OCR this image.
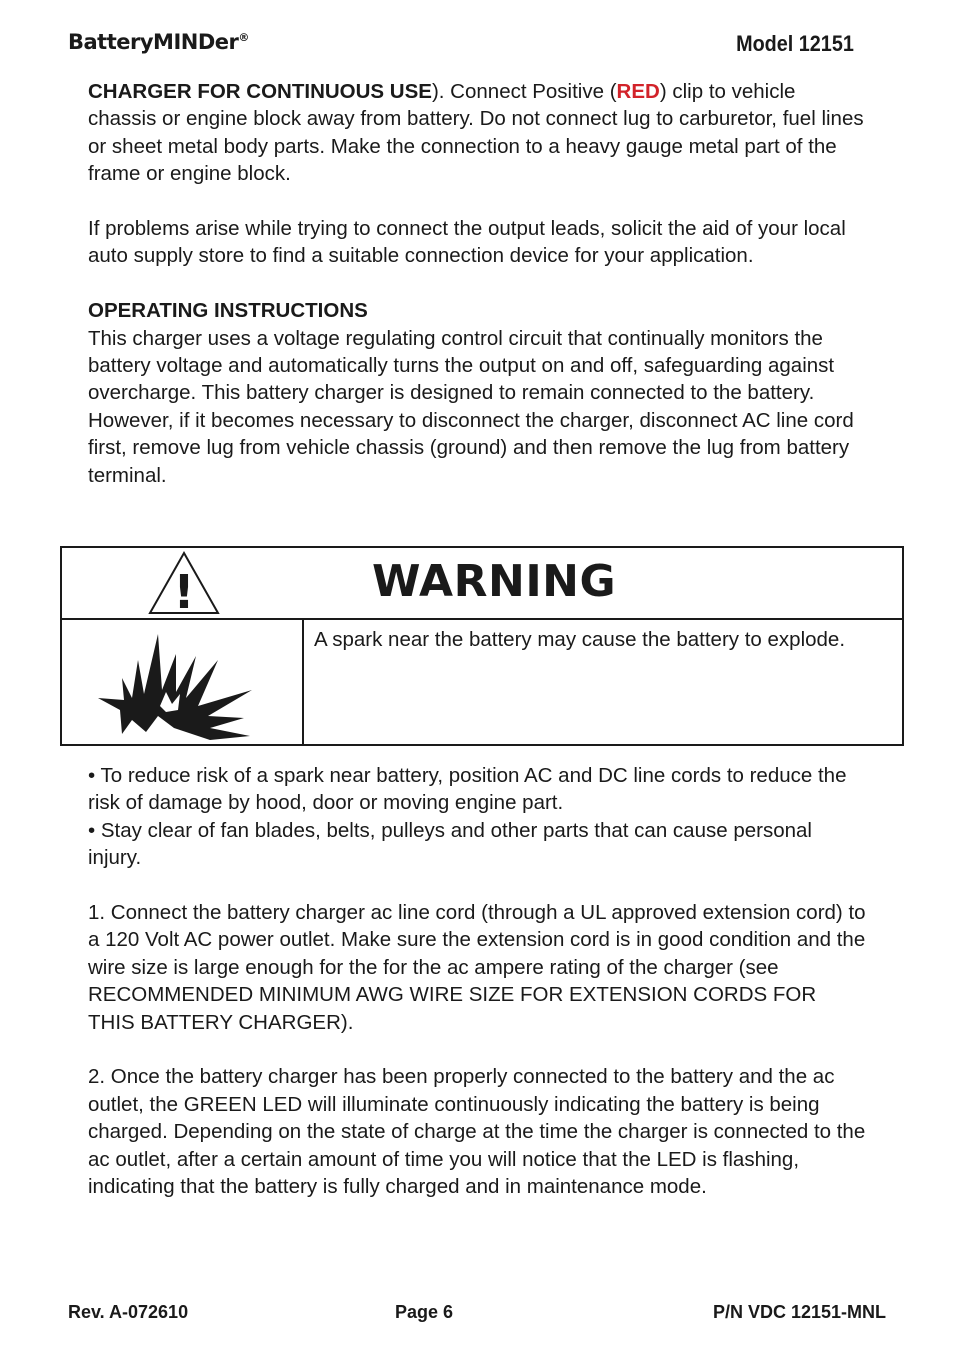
BatteryMINDer®	Model 12151

CHARGER FOR CONTINUOUS USE). Connect Positive (RED) clip to vehicle chassis or engine block away from battery. Do not connect lug to carburetor, fuel lines or sheet metal body parts. Make the connection to a heavy gauge metal part of the frame or engine block.

If problems arise while trying to connect the output leads, solicit the aid of your local auto supply store to find a suitable connection device for your application.

OPERATING INSTRUCTIONS

This charger uses a voltage regulating control circuit that continually monitors the battery voltage and automatically turns the output on and off, safeguarding against overcharge. This battery charger is designed to remain connected to the battery. However, if it becomes necessary to disconnect the charger, disconnect AC line cord first, remove lug from vehicle chassis (ground) and then remove the lug from battery terminal.

!	WARNING
A spark near the battery may cause the battery to explode.

• To reduce risk of a spark near battery, position AC and DC line cords to reduce the risk of damage by hood, door or moving engine part.

• Stay clear of fan blades, belts, pulleys and other parts that can cause personal injury.

1. Connect the battery charger ac line cord (through a UL approved extension cord) to a 120 Volt AC power outlet. Make sure the extension cord is in good condition and the wire size is large enough for the for the ac ampere rating of the charger (see RECOMMENDED MINIMUM AWG WIRE SIZE FOR EXTENSION CORDS FOR THIS BATTERY CHARGER).

2. Once the battery charger has been properly connected to the battery and the ac outlet, the GREEN LED will illuminate continuously indicating the battery is being charged. Depending on the state of charge at the time the charger is connected to the ac outlet, after a certain amount of time you will notice that the LED is flashing, indicating that the battery is fully charged and in maintenance mode.

Rev. A-072610	Page 6	P/N VDC 12151-MNL
